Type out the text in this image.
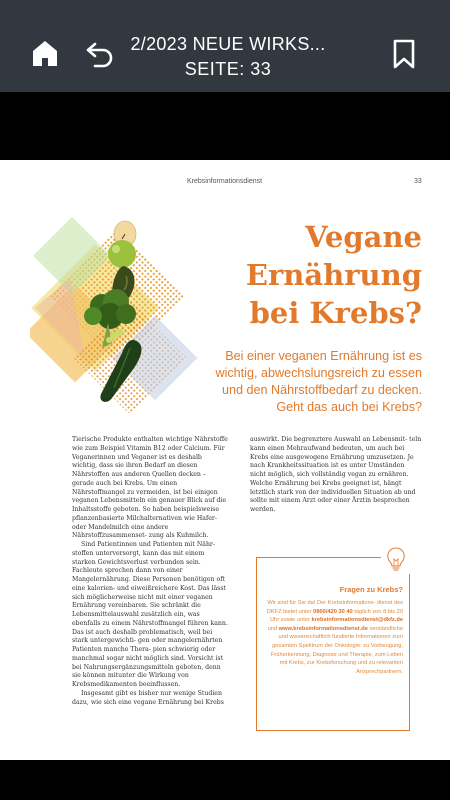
2/2023 NEUE WIRKS...
SEITE: 33
Krebsinformationsdienst	33
Vegane
Ernährung
bei Krebs?
Bei einer veganen Ernährung ist es wichtig, abwechslungsreich zu essen und den Nährstoffbedarf zu decken. Geht das auch bei Krebs?

Tierische Produkte enthalten wichtige Nährstoffe wie zum Beispiel Vitamin B12 oder Calcium. Für Veganerinnen und Veganer ist es deshalb wichtig, dass sie ihren Bedarf an diesen Nährstoffen aus anderen Quellen decken – gerade auch bei Krebs. Um einen Nährstoffmangel zu vermeiden, ist bei einigen veganen Lebensmitteln ein genauer Blick auf die Inhaltsstoffe geboten. So haben beispielsweise pflanzenbasierte Milchalternativen wie Hafer- oder Mandelmilch eine andere Nährstoffzusammenset- zung als Kuhmilch.

Sind Patientinnen und Patienten mit Nähr- stoffen unterversorgt, kann das mit einem starken Gewichtsverlust verbunden sein. Fachleute sprechen dann von einer Mangelernährung. Diese Personen benötigen oft eine kalorien- und eiweißreichere Kost. Das lässt sich möglicherweise nicht mit einer veganen Ernährung vereinbaren. Sie schränkt die Lebensmittelauswahl zusätzlich ein, was ebenfalls zu einem Nährstoffmangel führen kann. Das ist auch deshalb problematisch, weil bei stark untergewichti- gen oder mangelernährten Patienten manche Thera- pien schwierig oder manchmal sogar nicht möglich sind. Vorsicht ist bei Nahrungsergänzungsmitteln geboten, denn sie können mitunter die Wirkung von Krebsmedikamenten beeinflussen.

Insgesamt gibt es bisher nur wenige Studien dazu, wie sich eine vegane Ernährung bei Krebs

auswirkt. Die begrenztere Auswahl an Lebensmit- teln kann einen Mehraufwand bedeuten, um auch bei Krebs eine ausgewogene Ernährung umzusetzen. Je nach Krankheitssituation ist es unter Umständen nicht möglich, sich vollständig vegan zu ernähren. Welche Ernährung bei Krebs geeignet ist, hängt letztlich stark von der individuellen Situation ab und sollte mit einem Arzt oder einer Ärztin besprochen werden.

Fragen zu Krebs?
Wir sind für Sie da! Der Krebsinformations- dienst des DKFZ bietet unter 0800/420 30 40 täglich von 8 bis 20 Uhr sowie unter krebsinformationsdienst@dkfz.de und www.krebsinformationsdienst.de verständliche und wissenschaftlich fundierte Informationen zum gesamten Spektrum der Onkologie: zu Vorbeugung, Früherkennung, Diagnose und Therapie, zum Leben mit Krebs, zur Krebsforschung und zu relevanten Ansprechpartnern.
